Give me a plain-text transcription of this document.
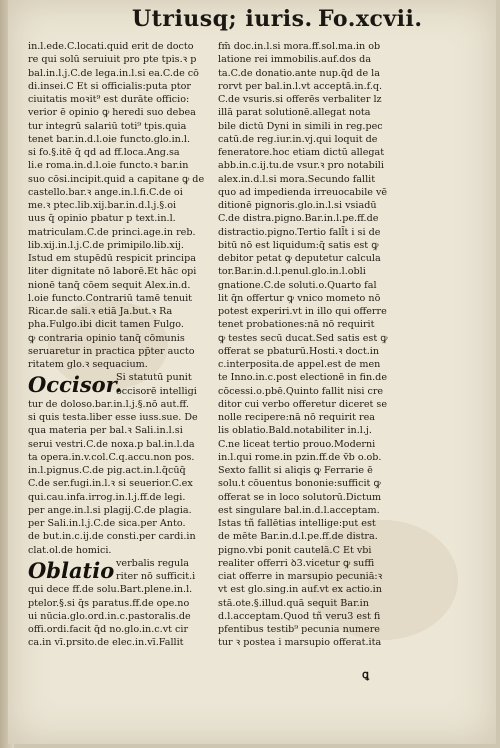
Utriusq; iuris. Fo.xcvii.
in.l.ede.C.locati.quid erit de docto
re qui solū seruiuit pro pte tpis.ꝛ p
bal.in.l.j.C.de lega.in.l.si ea.C.de cō
di.insei.C Et si officialis:puta ptor
ciuitatis moꝛit⁹ est durāte officio:
verior ē opinio ꝙ heredi suo debea
tur integrū salariū toti⁹ tpis.quia
tenet bar.in.d.l.oie functo.glo.in.l.
si fo.§.itē q̄ qd ad ff.loca.Ang.sa
li.e roma.in.d.l.oie functo.ꝛ bar.in
suo cōsi.incipit.quid a capitane ꝙ de
castello.bar.ꝛ ange.in.l.fi.C.de oi
me.ꝛ ptec.lib.xij.bar.in.d.l.j.§.oi
uus q̄ opinio pbatur p text.in.l.
matriculam.C.de princi.age.in reb.
lib.xij.in.l.j.C.de primipilo.lib.xij.
Istud em stupēdū respicit principa
liter dignitate nō laborē.Et hāc opi
nionē tanq̄ cōem sequit Alex.in.d.
l.oie functo.Contrariū tamē tenuit
Ricar.de sali.ꝛ etiā Ja.but.ꝛ Ra
pha.Fulgo.ibi dicit tamen Fulgo.
ꝙ contraria opinio tanq̄ cōmunis
seruaretur in practica pp̄ter aucto
ritatem glo.ꝛ sequacium.
Occisor.
Si statutū punit
occisorē intelligi
tur de doloso.bar.in.l.j.§.nō aut.ff.
si quis testa.liber esse iuss.sue. De
qua materia per bal.ꝛ Sali.in.l.si
serui vestri.C.de noxa.p bal.in.l.da
ta opera.in.v.col.C.q.accu.non pos.
in.l.pignus.C.de pig.act.in.l.q̄cūq̄
C.de ser.fugi.in.l.ꝛ si seuerior.C.ex
qui.cau.infa.irrog.in.l.j.ff.de legi.
per ange.in.l.si plagij.C.de plagia.
per Sali.in.l.j.C.de sica.per Anto.
de but.in.c.ij.de consti.per cardi.in
clat.ol.de homici.
Oblatio verbalis regula
riter nō sufficit.i
qui dece ff.de solu.Bart.plene.in.l.
ptelor.§.si q̄s paratus.ff.de ope.no
ui nūcia.glo.ord.in.c.pastoralis.de
offi.ordi.facit q̄d no.glo.in.c.vt cir
ca.in vī.prsito.de elec.in.vī.Fallit
fm̄ doc.in.l.si mora.ff.sol.ma.in ob
latione rei immobilis.auf.dos da
ta.C.de donatio.ante nup.q̄d de la
rorvt per bal.in.l.vt acceptā.in.f.q.
C.de vsuris.si offerēs verbaliter lz
illā parat solutionē.allegat nota
bile dictū Dyni in simili in reg.pec
catū.de reg.iur.in.vj.qui loquit de
feneratore.hoc etiam dictū allegat
abb.in.c.ij.tu.de vsur.ꝛ pro notabili
alex.in.d.l.si mora.Secundo fallit
quo ad impedienda irreuocabile vē
ditionē pignoris.glo.in.l.si vsiadū
C.de distra.pigno.Bar.in.l.pe.ff.de
distractio.pigno.Tertio fall̄t i si de
bitū nō est liquidum:q̄ satis est ꝙ
debitor petat ꝙ deputetur calcula
tor.Bar.in.d.l.penul.glo.in.l.obli
gnatione.C.de soluti.o.Quarto fal
lit q̄n offertur ꝙ vnico mometo nō
potest experiri.vt in illo qui offerre
tenet probationes:nā nō requirit
ꝙ testes secū ducat.Sed satis est ꝙ
offerat se pbaturū.Hosti.ꝛ doct.in
c.interposita.de appel.est de men
te Inno.in.c.post electionē in fin.de
cōcessi.o.pbē.Quinto fallit nisi cre
ditor cui verbo offeretur diceret se
nolle recipere:nā nō requirit rea
lis oblatio.Bald.notabiliter in.l.j.
C.ne liceat tertio prouo.Moderni
in.l.qui rome.in pzin.ff.de v̄b o.ob.
Sexto fallit si aliqis ꝙ Ferrarie ē
solu.t cōuentus bononie:sufficit ꝙ
offerat se in loco solutorū.Dictum
est singulare bal.in.d.l.acceptam.
Istas tñ fallētias intellige:put est
de mēte Bar.in.d.l.pe.ff.de distra.
pigno.vbi ponit cautelā.C Et vbi
realiter offerri ꝺ3.vicetur ꝙ suffi
ciat offerre in marsupio pecuniā:ꝛ
vt est glo.sing.in auf.vt ex actio.in
stā.ote.§.illud.quā sequit Bar.in
d.l.acceptam.Quod tñ veru3 est fi
pfentibus testib⁹ pecunia numere
tur ꝛ postea i marsupio offerat.ita
ꝗ
